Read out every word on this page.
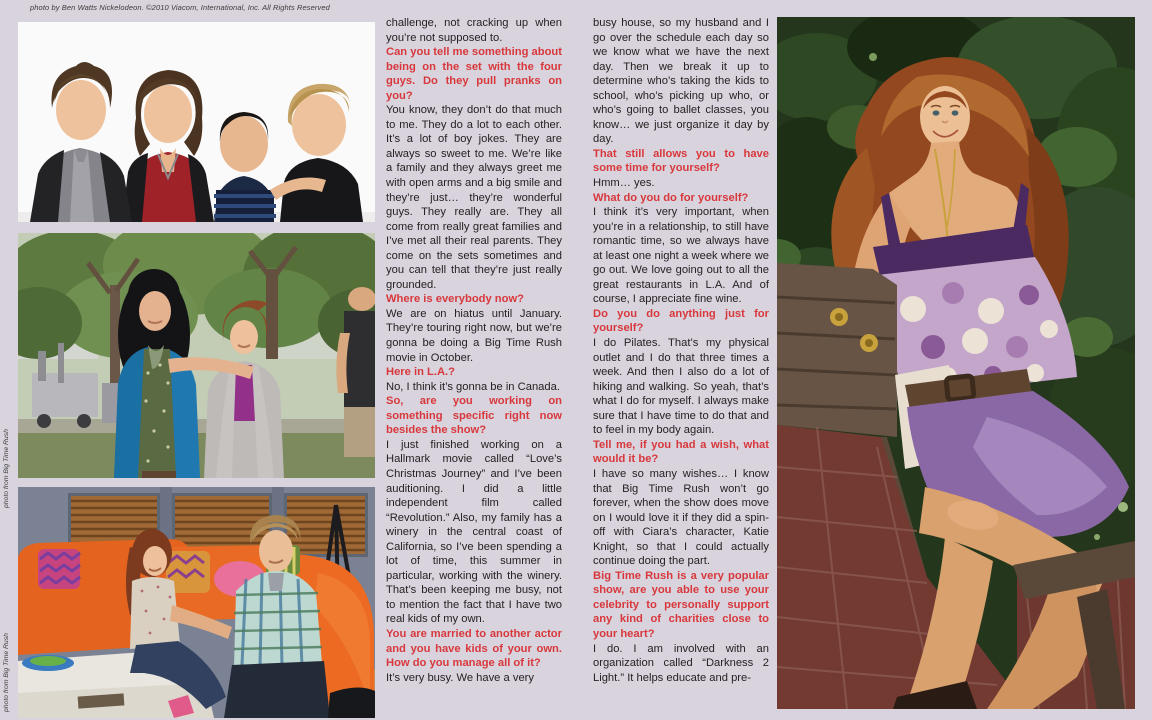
photo by Ben Watts Nickelodeon. ©2010 Viacom, International, Inc. All Rights Reserved
photo from Big Time Rush
photo from Big Time Rush

challenge, not cracking up when you’re not supposed to.

Can you tell me something about being on the set with the four guys. Do they pull pranks on you?

You know, they don’t do that much to me. They do a lot to each other. It’s a lot of boy jokes. They are always so sweet to me. We’re like a family and they always greet me with open arms and a big smile and they’re just… they’re wonderful guys. They really are. They all come from really great families and I’ve met all their real parents. They come on the sets sometimes and you can tell that they’re just really grounded.

Where is everybody now?

We are on hiatus until January. They’re touring right now, but we’re gonna be doing a Big Time Rush movie in October.

Here in L.A.?

No, I think it’s gonna be in Canada.

So, are you working on something specific right now besides the show?

I just finished working on a Hallmark movie called “Love’s Christmas Journey” and I’ve been auditioning. I did a little independent film called “Revolution.” Also, my family has a winery in the central coast of California, so I’ve been spending a lot of time, this summer in particular, working with the winery. That’s been keeping me busy, not to mention the fact that I have two real kids of my own.

You are married to another actor and you have kids of your own. How do you manage all of it?

It’s very busy. We have a very

busy house, so my husband and I go over the schedule each day so we know what we have the next day. Then we break it up to determine who’s taking the kids to school, who’s picking up who, or who’s going to ballet classes, you know… we just organize it day by day.

That still allows you to have some time for yourself?

Hmm… yes.

What do you do for yourself?

I think it’s very important, when you’re in a relationship, to still have romantic time, so we always have at least one night a week where we go out. We love going out to all the great restaurants in L.A. And of course, I appreciate fine wine.

Do you do anything just for yourself?

I do Pilates. That’s my physical outlet and I do that three times a week. And then I also do a lot of hiking and walking. So yeah, that’s what I do for myself. I always make sure that I have time to do that and to feel in my body again.

Tell me, if you had a wish, what would it be?

I have so many wishes… I know that Big Time Rush won’t go forever, when the show does move on I would love it if they did a spin-off with Ciara’s character, Katie Knight, so that I could actually continue doing the part.

Big Time Rush is a very popular show, are you able to use your celebrity to personally support any kind of charities close to your heart?

I do. I am involved with an organization called “Darkness 2 Light.” It helps educate and pre-
